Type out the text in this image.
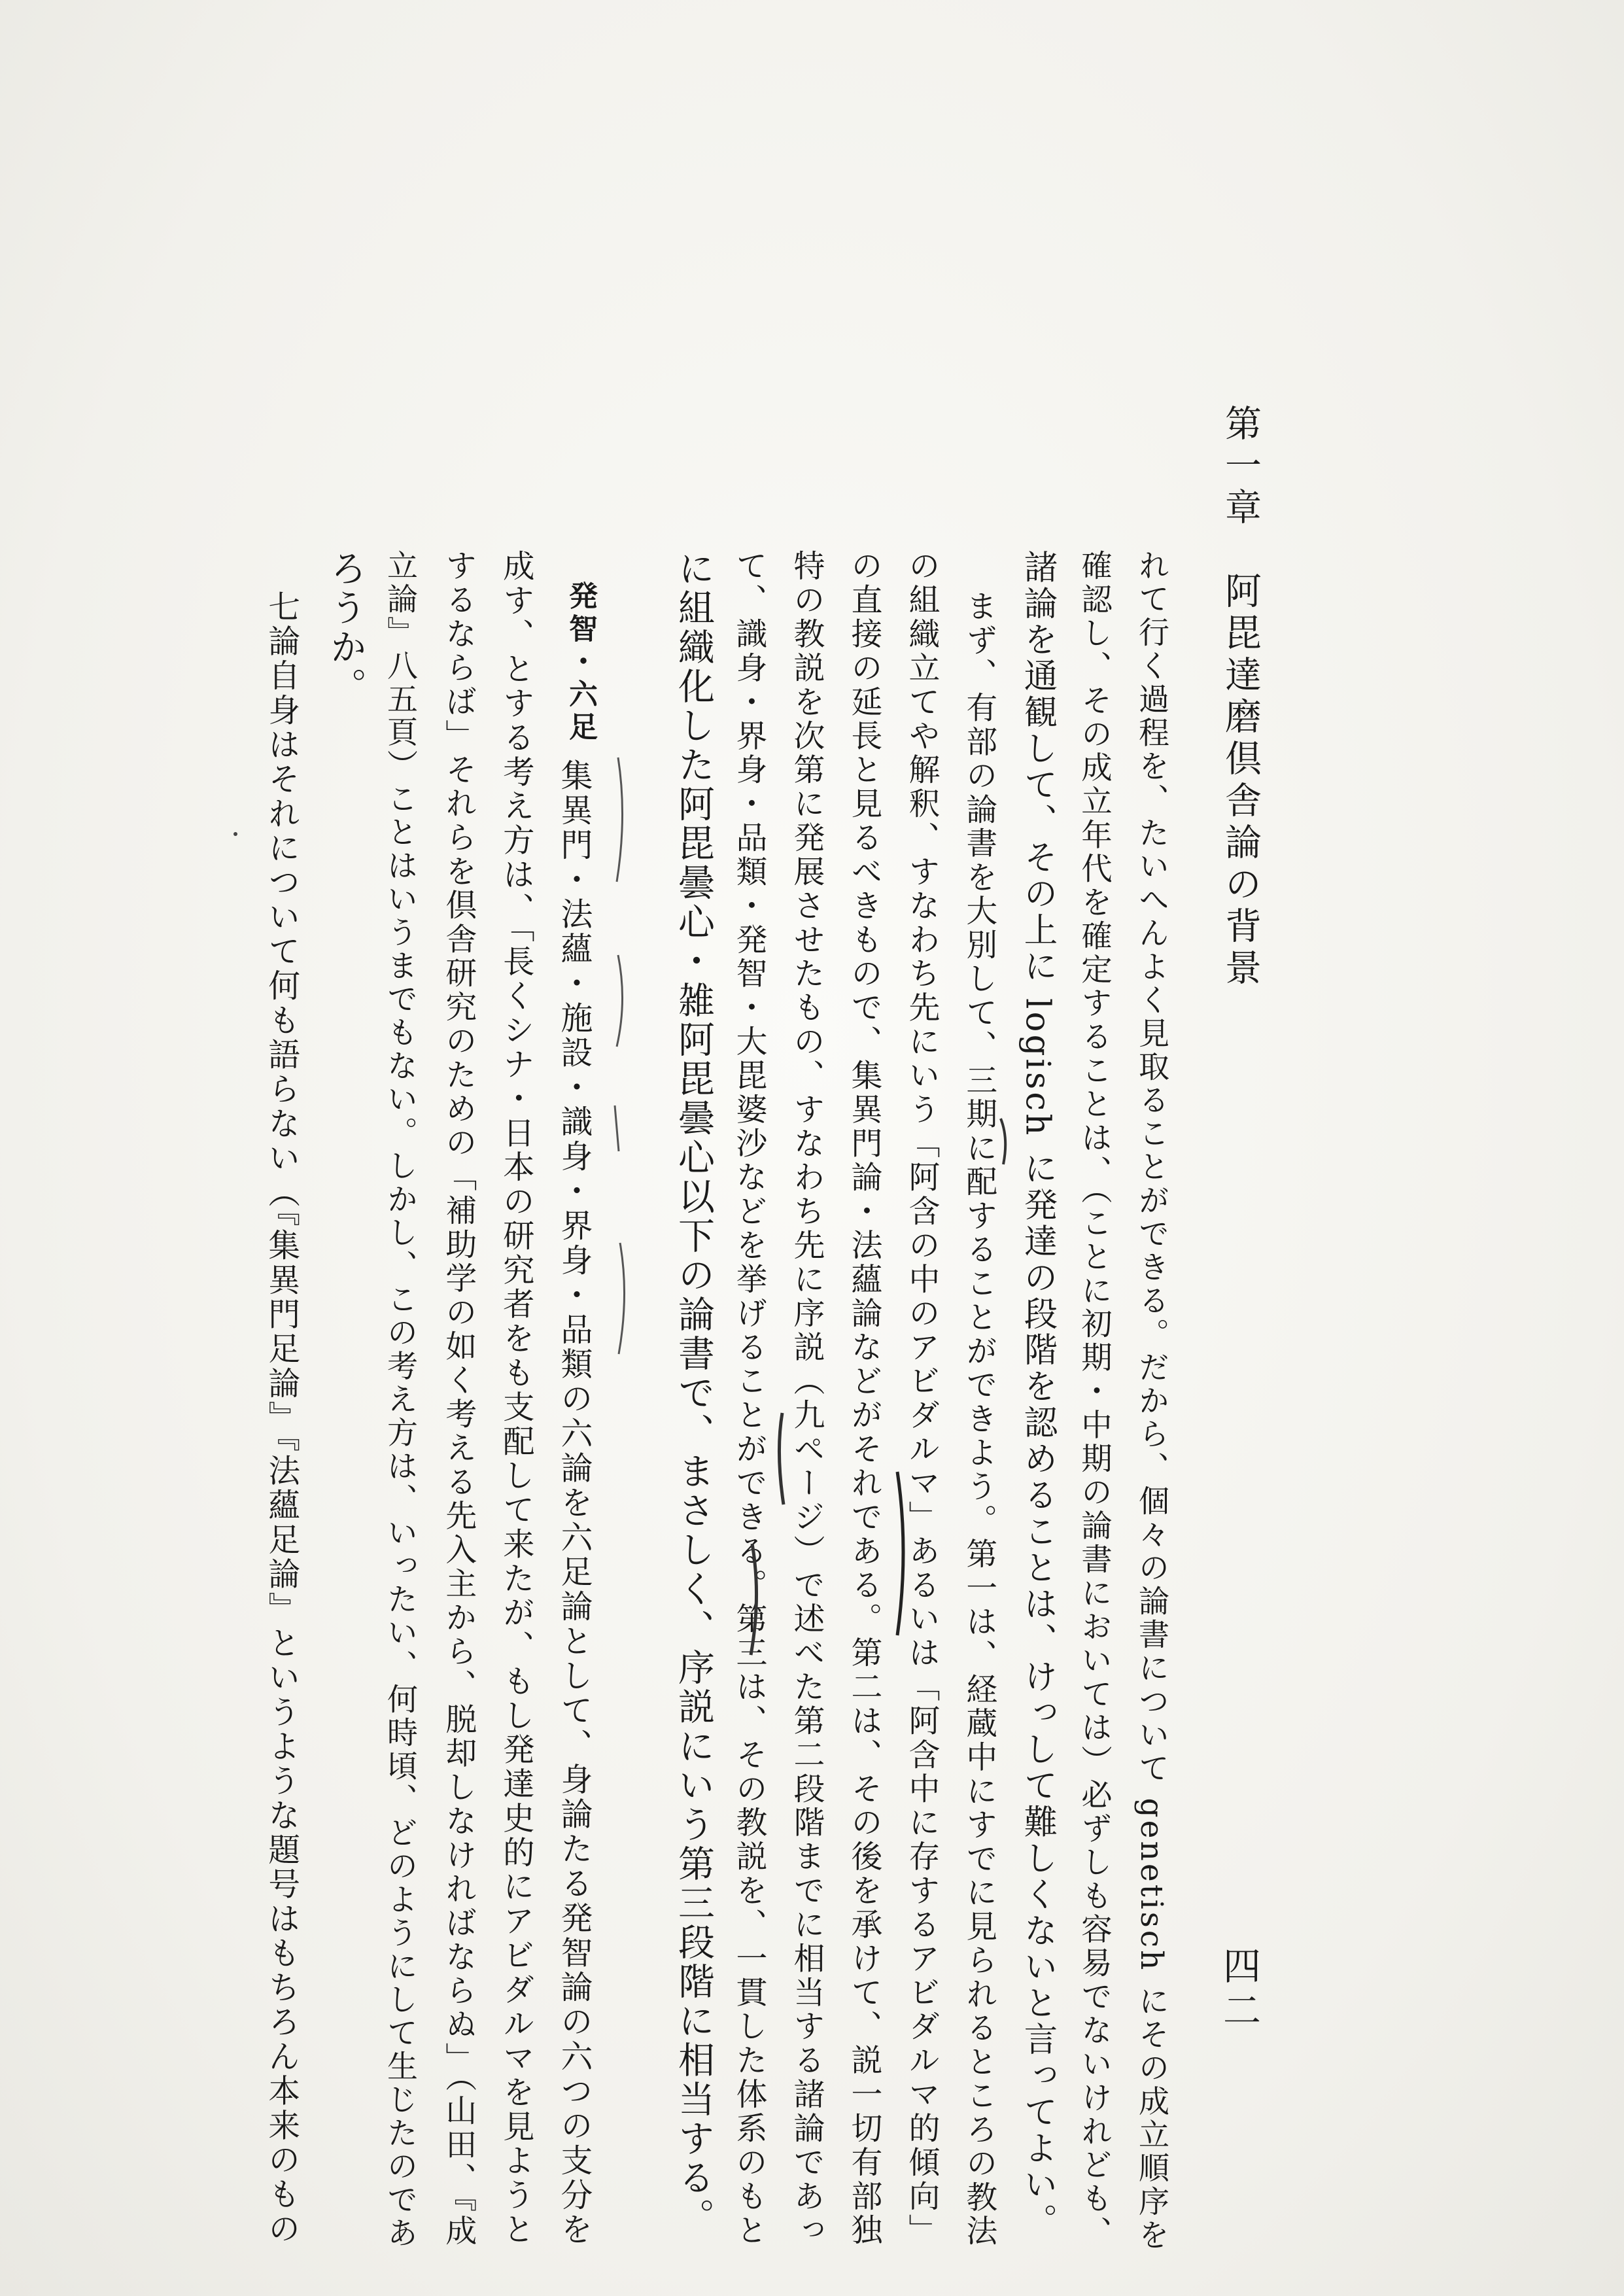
第一章　阿毘達磨倶舎論の背景
四二
れて行く過程を、たいへんよく見取ることができる。だから、個々の論書について genetisch にその成立順序を
確認し、その成立年代を確定することは、（ことに初期・中期の論書においては）必ずしも容易でないけれども、
諸論を通観して、その上に logisch に発達の段階を認めることは、けっして難しくないと言ってよい。
まず、有部の論書を大別して、三期に配することができよう。第一は、経蔵中にすでに見られるところの教法
の組織立てや解釈、すなわち先にいう「阿含の中のアビダルマ」あるいは「阿含中に存するアビダルマ的傾向」
の直接の延長と見るべきもので、集異門論・法蘊論などがそれである。第二は、その後を承けて、説一切有部独
特の教説を次第に発展させたもの、すなわち先に序説（九ページ）で述べた第二段階までに相当する諸論であっ
て、識身・界身・品類・発智・大毘婆沙などを挙げることができる。第三は、その教説を、一貫した体系のもと
に組織化した阿毘曇心・雑阿毘曇心以下の論書で、まさしく、序説にいう第三段階に相当する。
発智・六足
集異門・法蘊・施設・識身・界身・品類の六論を六足論として、身論たる発智論の六つの支分を
成す、とする考え方は、「長くシナ・日本の研究者をも支配して来たが、もし発達史的にアビダルマを見ようと
するならば」それらを倶舎研究のための「補助学の如く考える先入主から、脱却しなければならぬ」（山田、『成
立論』八五頁）ことはいうまでもない。しかし、この考え方は、いったい、何時頃、どのようにして生じたのであ
ろうか。
七論自身はそれについて何も語らない（『集異門足論』『法蘊足論』というような題号はもちろん本来のもの
